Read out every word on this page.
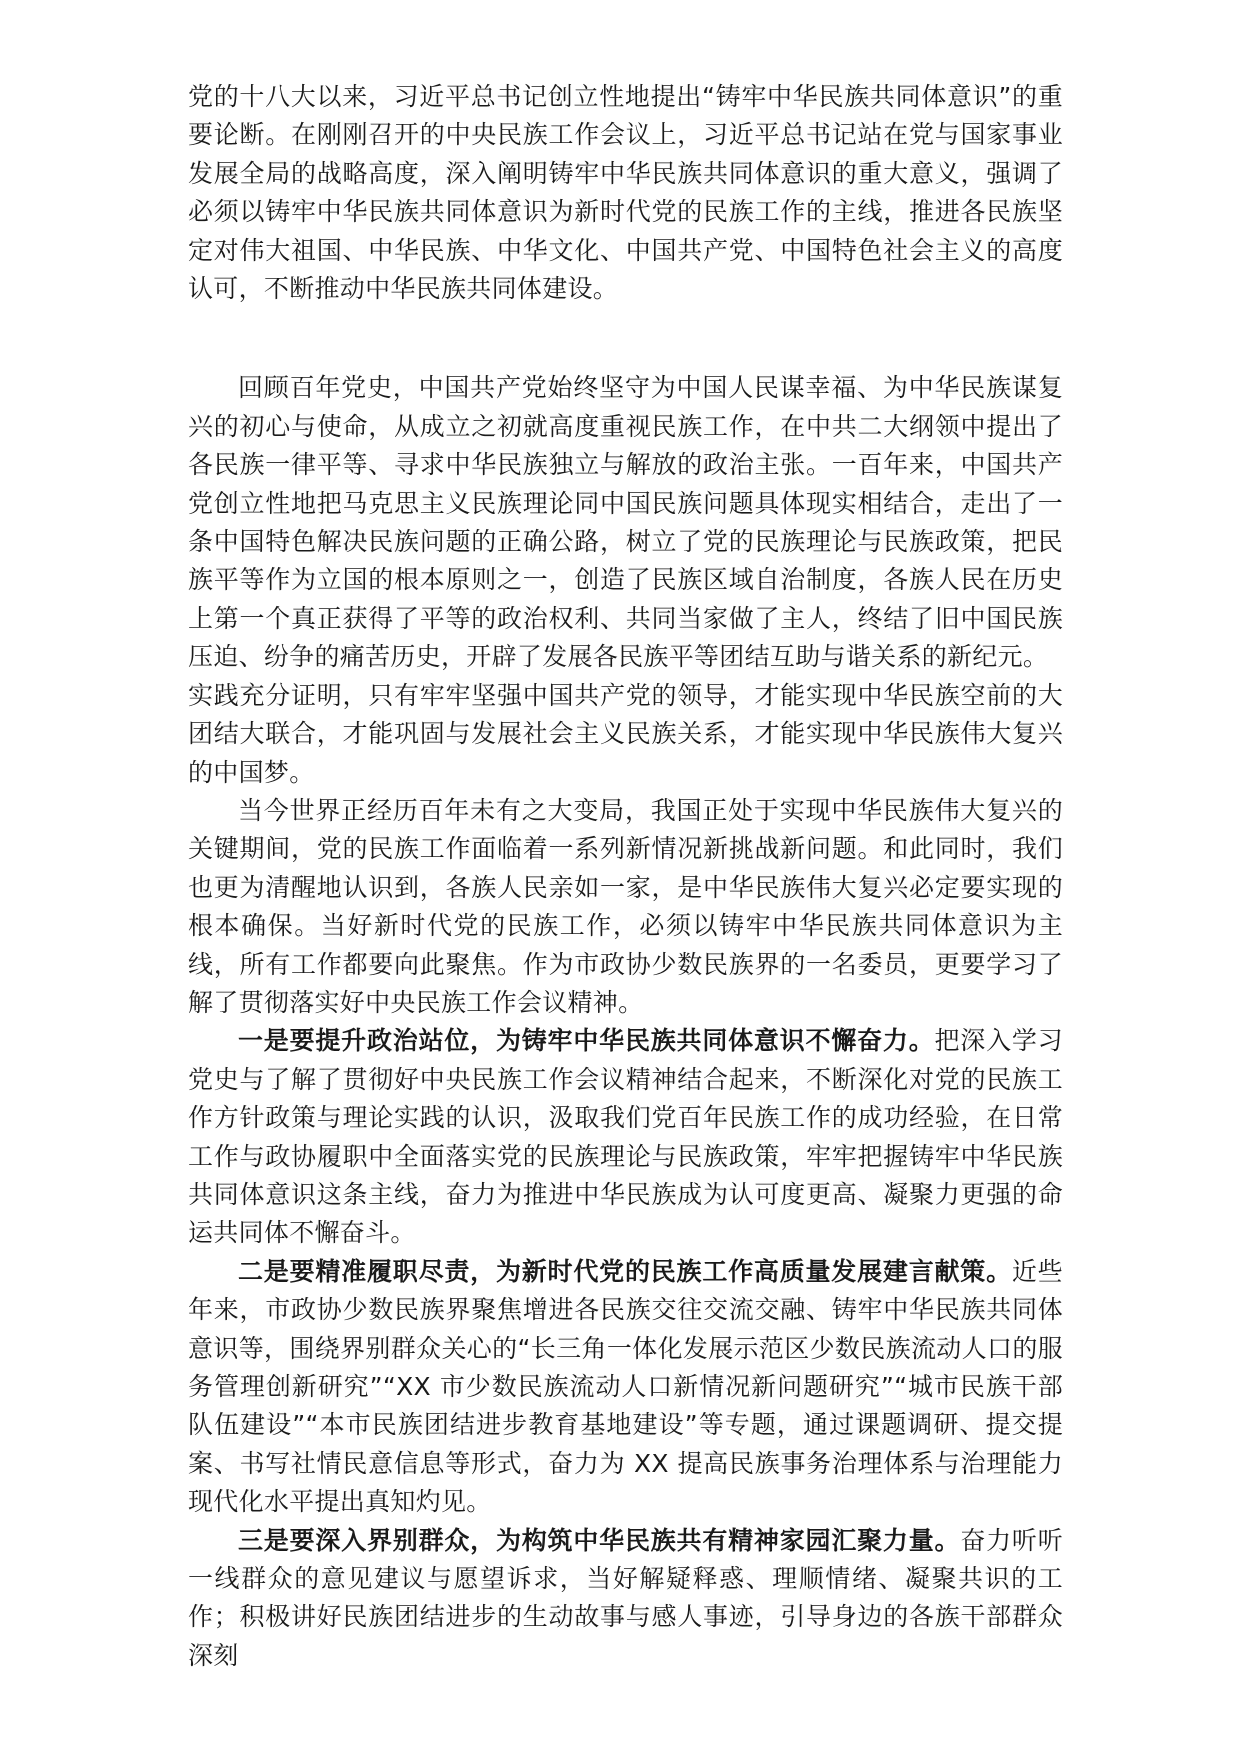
党的十八大以来，习近平总书记创立性地提出“铸牢中华民族共同体意识”的重要论断。在刚刚召开的中央民族工作会议上，习近平总书记站在党与国家事业发展全局的战略高度，深入阐明铸牢中华民族共同体意识的重大意义，强调了必须以铸牢中华民族共同体意识为新时代党的民族工作的主线，推进各民族坚定对伟大祖国、中华民族、中华文化、中国共产党、中国特色社会主义的高度认可，不断推动中华民族共同体建设。

回顾百年党史，中国共产党始终坚守为中国人民谋幸福、为中华民族谋复兴的初心与使命，从成立之初就高度重视民族工作，在中共二大纲领中提出了各民族一律平等、寻求中华民族独立与解放的政治主张。一百年来，中国共产党创立性地把马克思主义民族理论同中国民族问题具体现实相结合，走出了一条中国特色解决民族问题的正确公路，树立了党的民族理论与民族政策，把民族平等作为立国的根本原则之一，创造了民族区域自治制度，各族人民在历史上第一个真正获得了平等的政治权利、共同当家做了主人，终结了旧中国民族压迫、纷争的痛苦历史，开辟了发展各民族平等团结互助与谐关系的新纪元。

实践充分证明，只有牢牢坚强中国共产党的领导，才能实现中华民族空前的大团结大联合，才能巩固与发展社会主义民族关系，才能实现中华民族伟大复兴的中国梦。

当今世界正经历百年未有之大变局，我国正处于实现中华民族伟大复兴的关键期间，党的民族工作面临着一系列新情况新挑战新问题。和此同时，我们也更为清醒地认识到，各族人民亲如一家，是中华民族伟大复兴必定要实现的根本确保。当好新时代党的民族工作，必须以铸牢中华民族共同体意识为主线，所有工作都要向此聚焦。作为市政协少数民族界的一名委员，更要学习了解了贯彻落实好中央民族工作会议精神。

一是要提升政治站位，为铸牢中华民族共同体意识不懈奋力。把深入学习党史与了解了贯彻好中央民族工作会议精神结合起来，不断深化对党的民族工作方针政策与理论实践的认识，汲取我们党百年民族工作的成功经验，在日常工作与政协履职中全面落实党的民族理论与民族政策，牢牢把握铸牢中华民族共同体意识这条主线，奋力为推进中华民族成为认可度更高、凝聚力更强的命运共同体不懈奋斗。

二是要精准履职尽责，为新时代党的民族工作高质量发展建言献策。近些年来，市政协少数民族界聚焦增进各民族交往交流交融、铸牢中华民族共同体意识等，围绕界别群众关心的“长三角一体化发展示范区少数民族流动人口的服务管理创新研究”“XX 市少数民族流动人口新情况新问题研究”“城市民族干部队伍建设”“本市民族团结进步教育基地建设”等专题，通过课题调研、提交提案、书写社情民意信息等形式，奋力为 XX 提高民族事务治理体系与治理能力现代化水平提出真知灼见。

三是要深入界别群众，为构筑中华民族共有精神家园汇聚力量。奋力听听一线群众的意见建议与愿望诉求，当好解疑释惑、理顺情绪、凝聚共识的工作；积极讲好民族团结进步的生动故事与感人事迹，引导身边的各族干部群众深刻
